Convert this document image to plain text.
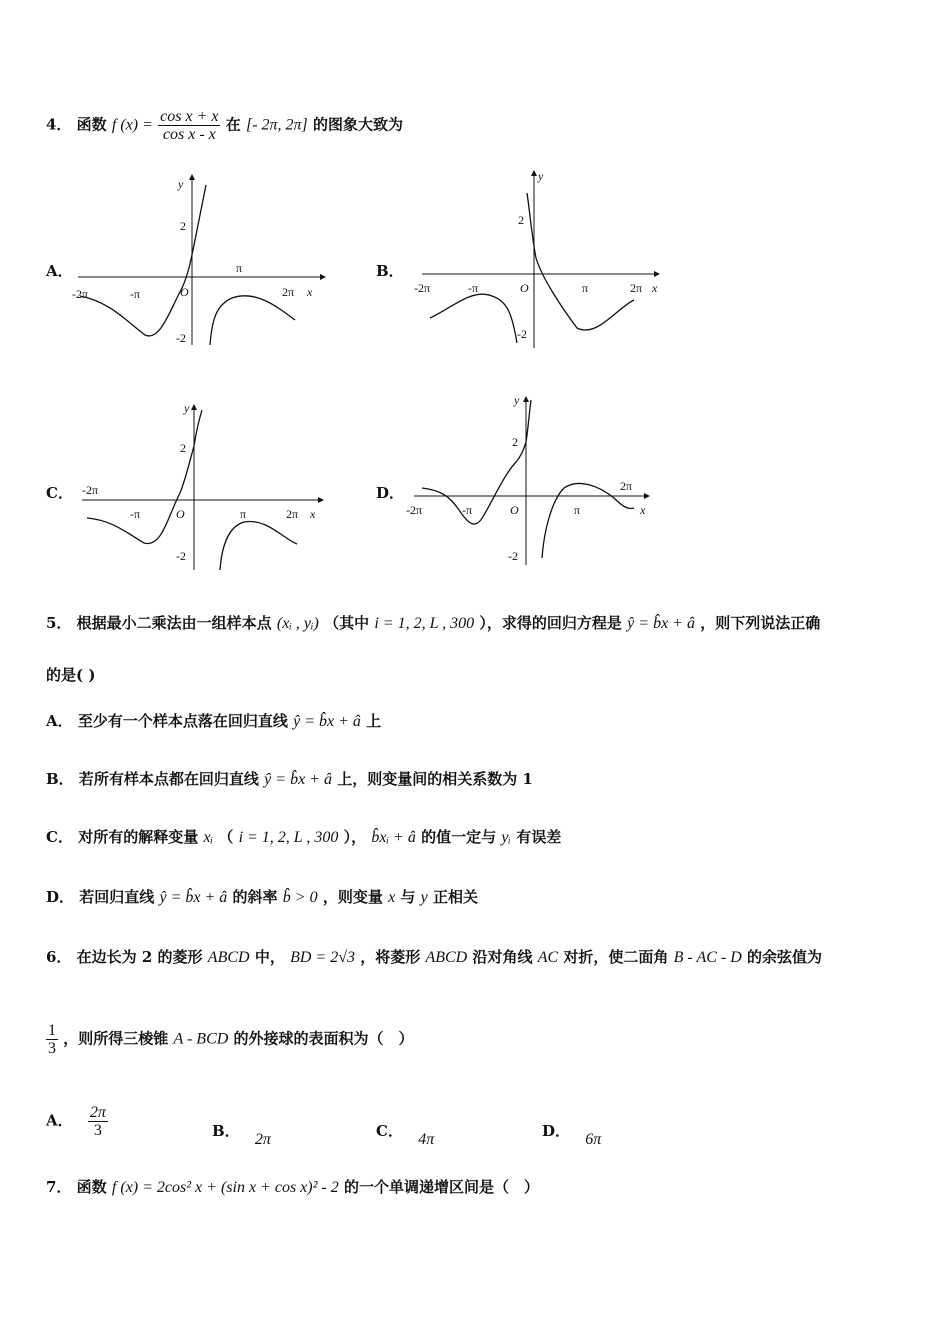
4． 函数 f $(x) = \frac{\text{cos x + x}}{\text{cos x - x}}$ 在 [- 2π, 2π] 的图象大致为
A．
y
2
-2
-2π	-π
π
2π x
O
B．
y
2
-2
-2π	-π	π	2π x
O
C．
y
2
-2
-2π
-π	π	2π x
O
D．
y
2
-2
-2π	-π	π
2π
x
O
5． 根据最小二乘法由一组样本点 (xᵢ , yᵢ) （其中 i = 1, 2, L , 300 ），求得的回归方程是 ŷ = b̂x + â ，则下列说法正确
的是( )
A． 至少有一个样本点落在回归直线 ŷ = b̂x + â 上
B． 若所有样本点都在回归直线 ŷ = b̂x + â 上，则变量间的相关系数为 1
C． 对所有的解释变量 xᵢ （ i = 1, 2, L , 300 ）， b̂xᵢ + â 的值一定与 yᵢ 有误差
D． 若回归直线 ŷ = b̂x + â 的斜率 b̂ > 0 ，则变量 x 与 y 正相关
6． 在边长为 2 的菱形 ABCD 中， BD = 2√3 ，将菱形 ABCD 沿对角线 AC 对折，使二面角 B - AC - D 的余弦值为
$\frac{1}{3}$ ，则所得三棱锥 A - BCD 的外接球的表面积为（　）
A． $\frac{2\pi}{3}$	B． 2π	C． 4π	D． 6π
7． 函数 f (x) = 2cos² x + (sin x + cos x)² - 2 的一个单调递增区间是（　）
